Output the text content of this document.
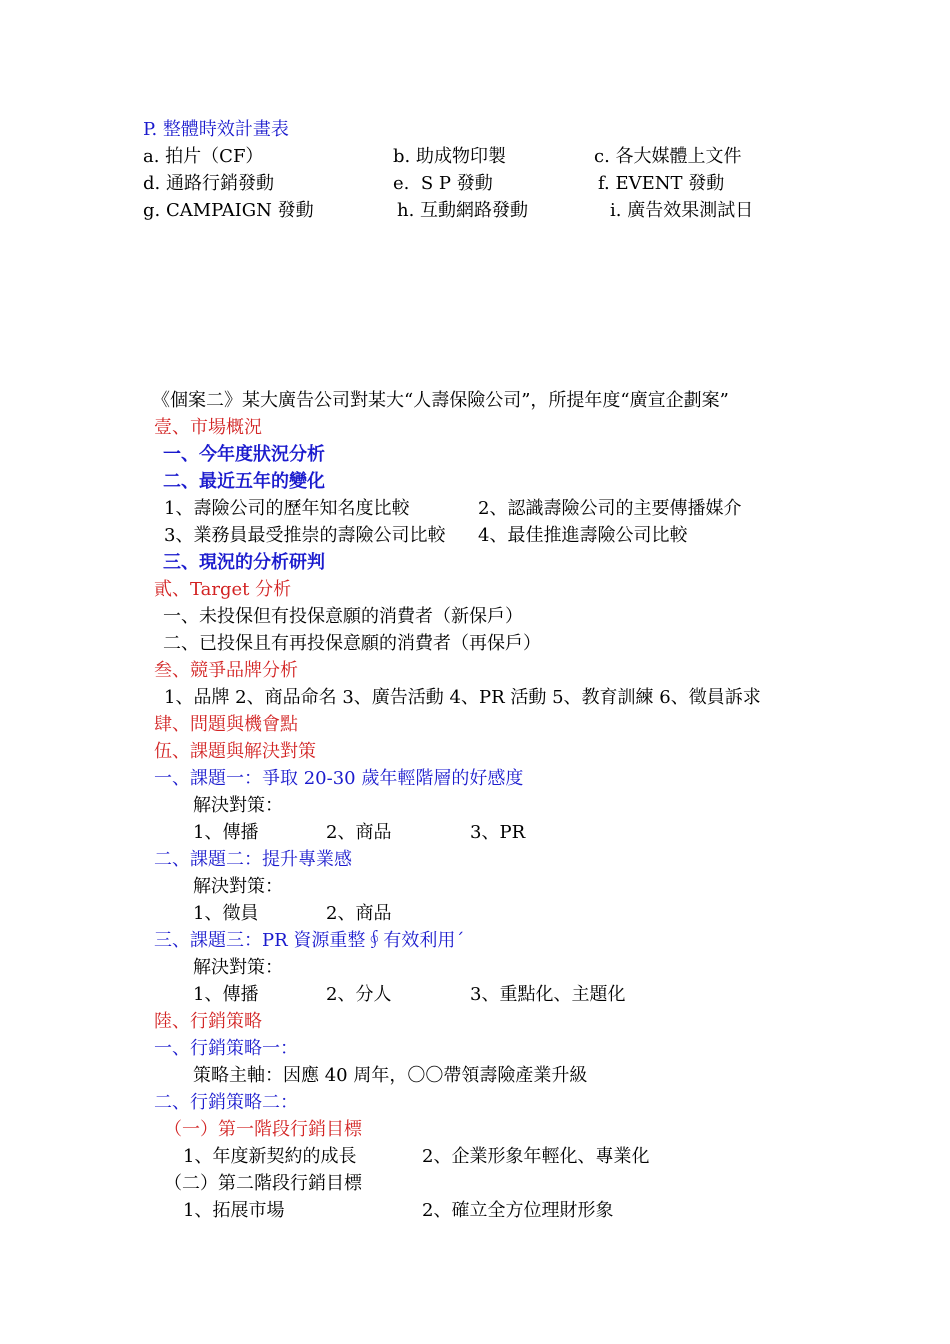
P. 整體時效計畫表
a. 拍片（CF）	b. 助成物印製	c. 各大媒體上文件
d. 通路行銷發動	e.  S P 發動	f. EVENT 發動
g. CAMPAIGN 發動	h. 互動網路發動	i. 廣告效果測試日
《個案二》某大廣告公司對某大“人壽保險公司”，所提年度“廣宣企劃案”
壹、市場概況
一、今年度狀況分析
二、最近五年的變化
1、壽險公司的歷年知名度比較	2、認識壽險公司的主要傳播媒介
3、業務員最受推崇的壽險公司比較 4、最佳推進壽險公司比較
三、現況的分析研判
貳、Target 分析
一、未投保但有投保意願的消費者（新保戶）
二、已投保且有再投保意願的消費者（再保戶）
叁、競爭品牌分析
1、品牌 2、商品命名 3、廣告活動 4、PR 活動 5、教育訓練 6、徵員訴求
肆、問題與機會點
伍、課題與解決對策
一、課題一：爭取 20-30 歲年輕階層的好感度
解決對策：
1、傳播	2、商品	3、PR
二、課題二：提升專業感
解決對策：
1、徵員	2、商品
三、課題三：PR 資源重整∮有效利用´
解決對策：
1、傳播	2、分人	3、重點化、主題化
陸、行銷策略
一、行銷策略一：
策略主軸：因應 40 周年，〇〇帶領壽險產業升級
二、行銷策略二：
（一）第一階段行銷目標
1、年度新契約的成長	2、企業形象年輕化、專業化
（二）第二階段行銷目標
1、拓展市場	2、確立全方位理財形象
